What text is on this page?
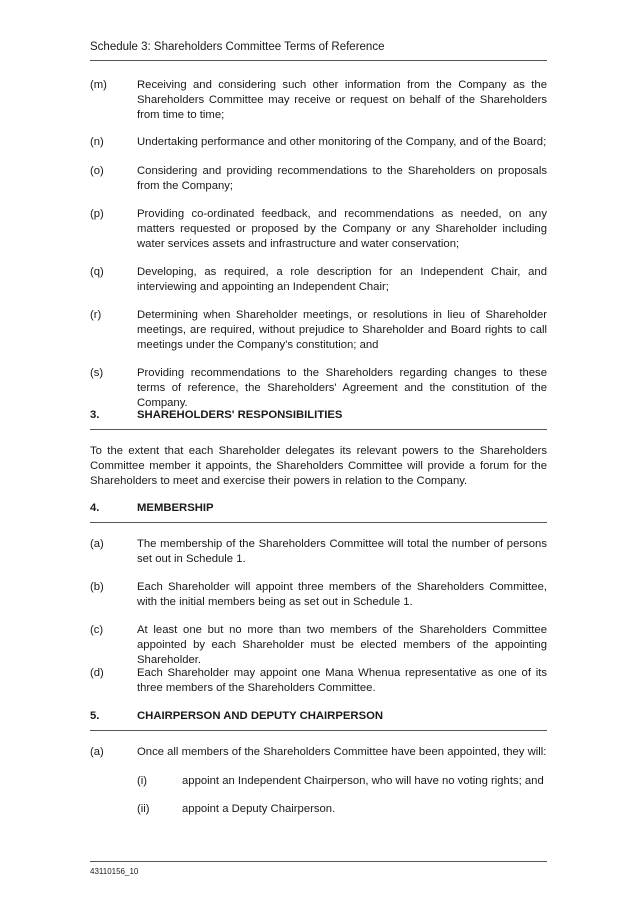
Schedule 3: Shareholders Committee Terms of Reference
(m)	Receiving and considering such other information from the Company as the Shareholders Committee may receive or request on behalf of the Shareholders from time to time;
(n)	Undertaking performance and other monitoring of the Company, and of the Board;
(o)	Considering and providing recommendations to the Shareholders on proposals from the Company;
(p)	Providing co-ordinated feedback, and recommendations as needed, on any matters requested or proposed by the Company or any Shareholder including water services assets and infrastructure and water conservation;
(q)	Developing, as required, a role description for an Independent Chair, and interviewing and appointing an Independent Chair;
(r)	Determining when Shareholder meetings, or resolutions in lieu of Shareholder meetings, are required, without prejudice to Shareholder and Board rights to call meetings under the Company's constitution; and
(s)	Providing recommendations to the Shareholders regarding changes to these terms of reference, the Shareholders' Agreement and the constitution of the Company.
3.	SHAREHOLDERS' RESPONSIBILITIES
To the extent that each Shareholder delegates its relevant powers to the Shareholders Committee member it appoints, the Shareholders Committee will provide a forum for the Shareholders to meet and exercise their powers in relation to the Company.
4.	MEMBERSHIP
(a)	The membership of the Shareholders Committee will total the number of persons set out in Schedule 1.
(b)	Each Shareholder will appoint three members of the Shareholders Committee, with the initial members being as set out in Schedule 1.
(c)	At least one but no more than two members of the Shareholders Committee appointed by each Shareholder must be elected members of the appointing Shareholder.
(d)	Each Shareholder may appoint one Mana Whenua representative as one of its three members of the Shareholders Committee.
5.	CHAIRPERSON AND DEPUTY CHAIRPERSON
(a)	Once all members of the Shareholders Committee have been appointed, they will:
(i)	appoint an Independent Chairperson, who will have no voting rights; and
(ii)	appoint a Deputy Chairperson.
43110156_10
